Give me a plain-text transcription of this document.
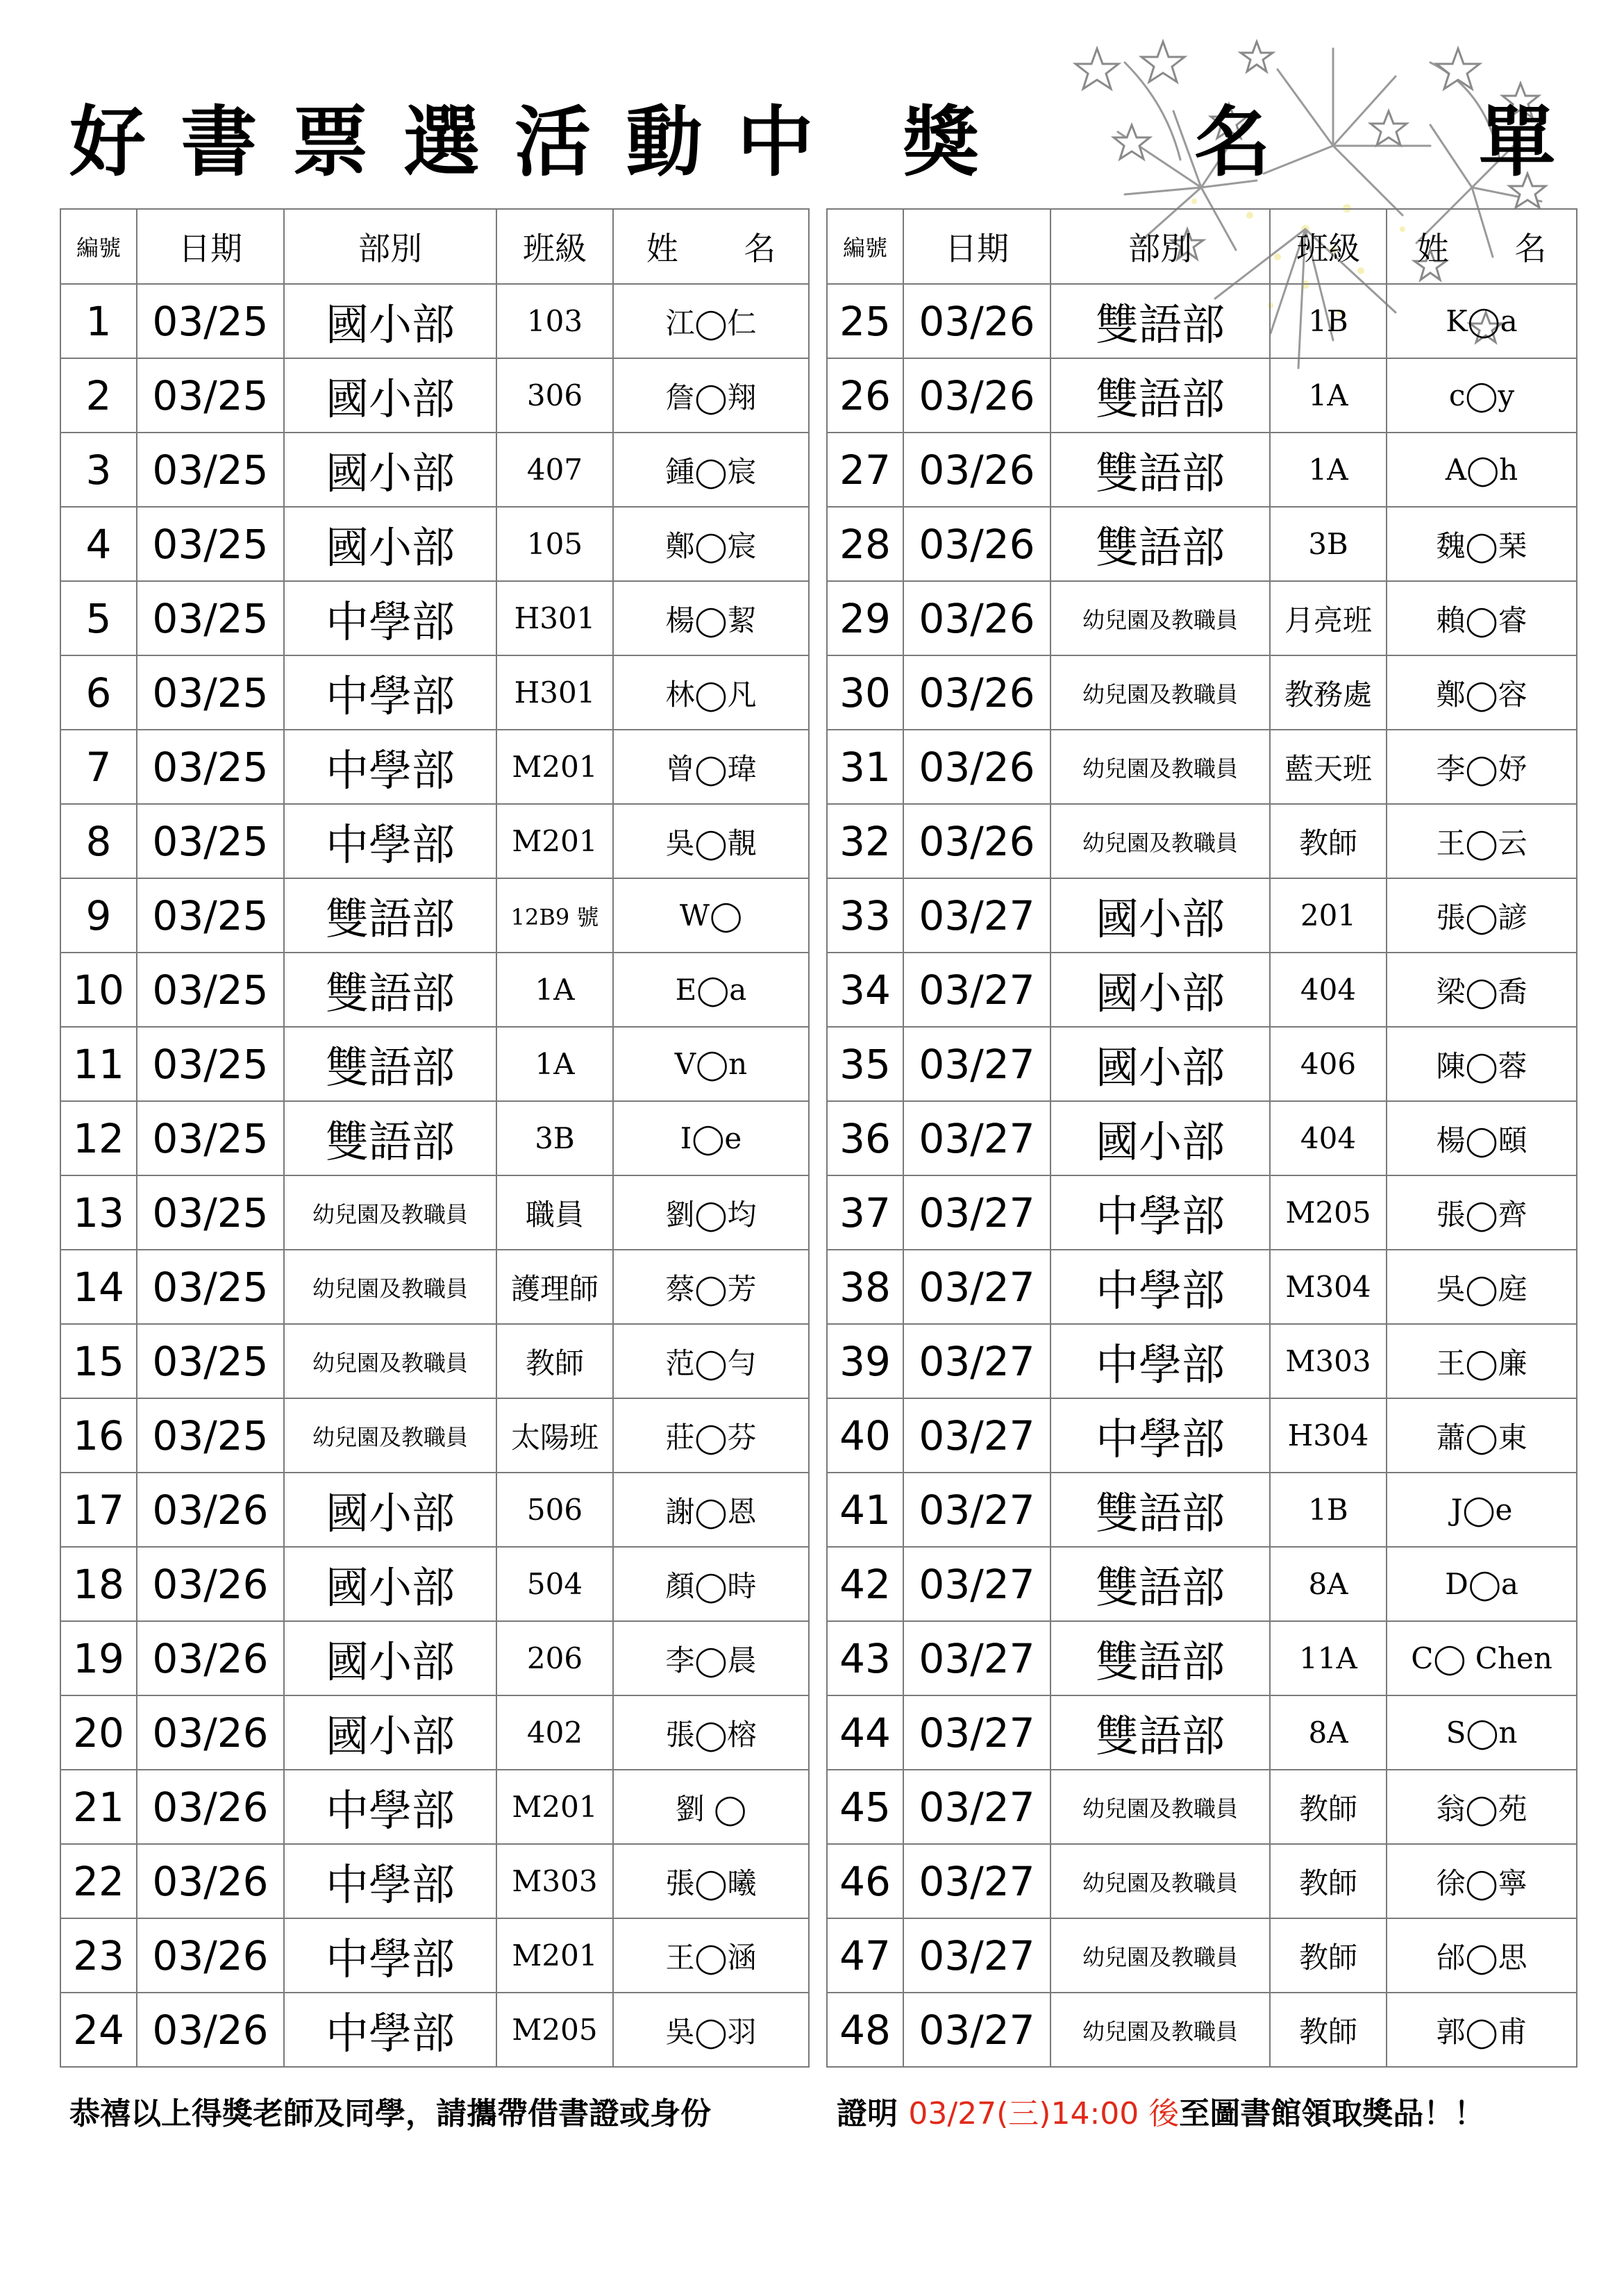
好 書 票 選 活 動 中 獎	名	單
編號	日期	部別	班級	姓 名
1	03/25	國小部	103	江◯仁
2	03/25	國小部	306	詹◯翔
3	03/25	國小部	407	鍾◯宸
4	03/25	國小部	105	鄭◯宸
5	03/25	中學部	H301	楊◯絜
6	03/25	中學部	H301	林◯凡
7	03/25	中學部	M201	曾◯瑋
8	03/25	中學部	M201	吳◯靚
9	03/25	雙語部	12B9 號	W◯
10	03/25	雙語部	1A	E◯a
11	03/25	雙語部	1A	V◯n
12	03/25	雙語部	3B	I◯e
13	03/25	幼兒園及教職員	職員	劉◯均
14	03/25	幼兒園及教職員	護理師	蔡◯芳
15	03/25	幼兒園及教職員	教師	范◯勻
16	03/25	幼兒園及教職員	太陽班	莊◯芬
17	03/26	國小部	506	謝◯恩
18	03/26	國小部	504	顏◯時
19	03/26	國小部	206	李◯晨
20	03/26	國小部	402	張◯榕
21	03/26	中學部	M201	劉 ◯
22	03/26	中學部	M303	張◯曦
23	03/26	中學部	M201	王◯涵
24	03/26	中學部	M205	吳◯羽
編號	日期	部別	班級	姓 名
25	03/26	雙語部	1B	K◯a
26	03/26	雙語部	1A	c◯y
27	03/26	雙語部	1A	A◯h
28	03/26	雙語部	3B	魏◯琹
29	03/26	幼兒園及教職員	月亮班	賴◯睿
30	03/26	幼兒園及教職員	教務處	鄭◯容
31	03/26	幼兒園及教職員	藍天班	李◯妤
32	03/26	幼兒園及教職員	教師	王◯云
33	03/27	國小部	201	張◯諺
34	03/27	國小部	404	梁◯喬
35	03/27	國小部	406	陳◯蓉
36	03/27	國小部	404	楊◯頤
37	03/27	中學部	M205	張◯齊
38	03/27	中學部	M304	吳◯庭
39	03/27	中學部	M303	王◯廉
40	03/27	中學部	H304	蕭◯東
41	03/27	雙語部	1B	J◯e
42	03/27	雙語部	8A	D◯a
43	03/27	雙語部	11A	C◯ Chen
44	03/27	雙語部	8A	S◯n
45	03/27	幼兒園及教職員	教師	翁◯苑
46	03/27	幼兒園及教職員	教師	徐◯寧
47	03/27	幼兒園及教職員	教師	邰◯思
48	03/27	幼兒園及教職員	教師	郭◯甫
恭禧以上得獎老師及同學，請攜帶借書證或身份	證明 03/27(三)14:00 後至圖書館領取獎品！！
